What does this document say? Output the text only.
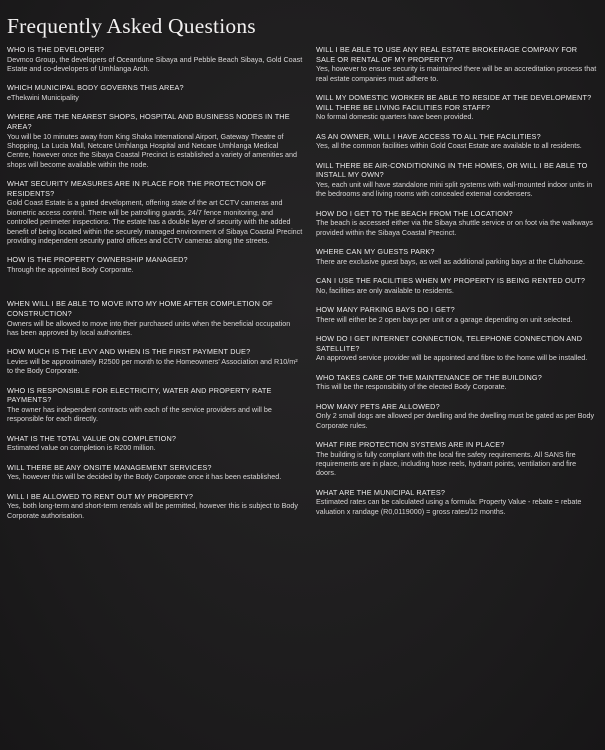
Frequently Asked Questions

WHO IS THE DEVELOPER?

Devmco Group, the developers of Oceandune Sibaya and Pebble Beach Sibaya, Gold Coast Estate and co-developers of Umhlanga Arch.

WHICH MUNICIPAL BODY GOVERNS THIS AREA?

eThekwini Municipality

WHERE ARE THE NEAREST SHOPS, HOSPITAL AND BUSINESS NODES IN THE AREA?

You will be 10 minutes away from King Shaka International Airport, Gateway Theatre of Shopping, La Lucia Mall, Netcare Umhlanga Hospital and Netcare Umhlanga Medical Centre, however once the Sibaya Coastal Precinct is established a variety of amenities and shops will become available within the node.

WHAT SECURITY MEASURES ARE IN PLACE FOR THE PROTECTION OF RESIDENTS?

Gold Coast Estate is a gated development, offering state of the art CCTV cameras and biometric access control. There will be patrolling guards, 24/7 fence monitoring, and controlled perimeter inspections. The estate has a double layer of security with the added benefit of being located within the securely managed environment of Sibaya Coastal Precinct providing independent security patrol offices and CCTV cameras along the streets.

HOW IS THE PROPERTY OWNERSHIP MANAGED?

Through the appointed Body Corporate.

WHEN WILL I BE ABLE TO MOVE INTO MY HOME AFTER COMPLETION OF CONSTRUCTION?

Owners will be allowed to move into their purchased units when the beneficial occupation has been approved by local authorities.

HOW MUCH IS THE LEVY AND WHEN IS THE FIRST PAYMENT DUE?

Levies will be approximately R2500 per month to the Homeowners' Association and R10/m² to the Body Corporate.

WHO IS RESPONSIBLE FOR ELECTRICITY, WATER AND PROPERTY RATE PAYMENTS?

The owner has independent contracts with each of the service providers and will be responsible for each directly.

WHAT IS THE TOTAL VALUE ON COMPLETION?

Estimated value on completion is R200 million.

WILL THERE BE ANY ONSITE MANAGEMENT SERVICES?

Yes, however this will be decided by the Body Corporate once it has been established.

WILL I BE ALLOWED TO RENT OUT MY PROPERTY?

Yes, both long-term and short-term rentals will be permitted, however this is subject to Body Corporate authorisation.

WILL I BE ABLE TO USE ANY REAL ESTATE BROKERAGE COMPANY FOR SALE OR RENTAL OF MY PROPERTY?

Yes, however to ensure security is maintained there will be an accreditation process that real estate companies must adhere to.

WILL MY DOMESTIC WORKER BE ABLE TO RESIDE AT THE DEVELOPMENT? WILL THERE BE LIVING FACILITIES FOR STAFF?

No formal domestic quarters have been provided.

AS AN OWNER, WILL I HAVE ACCESS TO ALL THE FACILITIES?

Yes, all the common facilities within Gold Coast Estate are available to all residents.

WILL THERE BE AIR-CONDITIONING IN THE HOMES, OR WILL I BE ABLE TO INSTALL MY OWN?

Yes, each unit will have standalone mini split systems with wall-mounted indoor units in the bedrooms and living rooms with concealed external condensers.

HOW DO I GET TO THE BEACH FROM THE LOCATION?

The beach is accessed either via the Sibaya shuttle service or on foot via the walkways provided within the Sibaya Coastal Precinct.

WHERE CAN MY GUESTS PARK?

There are exclusive guest bays, as well as additional parking bays at the Clubhouse.

CAN I USE THE FACILITIES WHEN MY PROPERTY IS BEING RENTED OUT?

No, facilities are only available to residents.

HOW MANY PARKING BAYS DO I GET?

There will either be 2 open bays per unit or a garage depending on unit selected.

HOW DO I GET INTERNET CONNECTION, TELEPHONE CONNECTION AND SATELLITE?

An approved service provider will be appointed and fibre to the home will be installed.

WHO TAKES CARE OF THE MAINTENANCE OF THE BUILDING?

This will be the responsibility of the elected Body Corporate.

HOW MANY PETS ARE ALLOWED?

Only 2 small dogs are allowed per dwelling and the dwelling must be gated as per Body Corporate rules.

WHAT FIRE PROTECTION SYSTEMS ARE IN PLACE?

The building is fully compliant with the local fire safety requirements. All SANS fire requirements are in place, including hose reels, hydrant points, ventilation and fire doors.

WHAT ARE THE MUNICIPAL RATES?

Estimated rates can be calculated using a formula: Property Value - rebate = rebate valuation x randage (R0,0119000) = gross rates/12 months.
